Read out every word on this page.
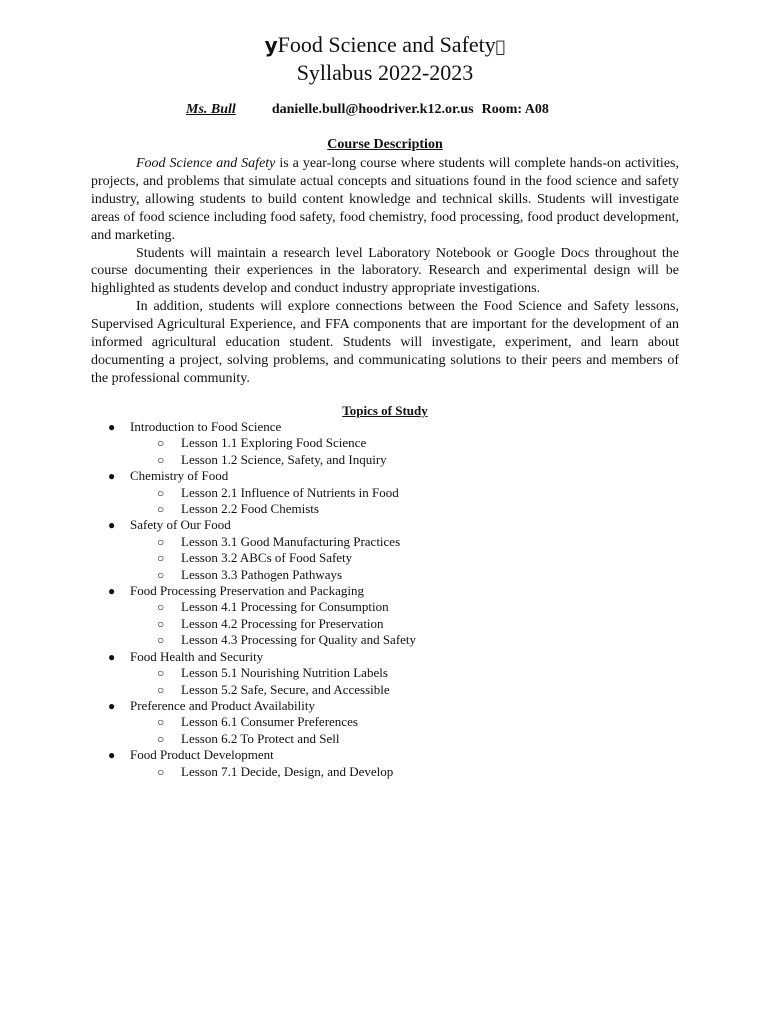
yFood Science and Safety
Syllabus 2022-2023
Ms. Bull	danielle.bull@hoodriver.k12.or.us Room: A08
Course Description

Food Science and Safety is a year-long course where students will complete hands-on activities, projects, and problems that simulate actual concepts and situations found in the food science and safety industry, allowing students to build content knowledge and technical skills. Students will investigate areas of food science including food safety, food chemistry, food processing, food product development, and marketing.

Students will maintain a research level Laboratory Notebook or Google Docs throughout the course documenting their experiences in the laboratory. Research and experimental design will be highlighted as students develop and conduct industry appropriate investigations.

In addition, students will explore connections between the Food Science and Safety lessons, Supervised Agricultural Experience, and FFA components that are important for the development of an informed agricultural education student. Students will investigate, experiment, and learn about documenting a project, solving problems, and communicating solutions to their peers and members of the professional community.

Topics of Study
● Introduction to Food Science
○ Lesson 1.1 Exploring Food Science
○ Lesson 1.2 Science, Safety, and Inquiry
● Chemistry of Food
○ Lesson 2.1 Influence of Nutrients in Food
○ Lesson 2.2 Food Chemists
● Safety of Our Food
○ Lesson 3.1 Good Manufacturing Practices
○ Lesson 3.2 ABCs of Food Safety
○ Lesson 3.3 Pathogen Pathways
● Food Processing Preservation and Packaging
○ Lesson 4.1 Processing for Consumption
○ Lesson 4.2 Processing for Preservation
○ Lesson 4.3 Processing for Quality and Safety
● Food Health and Security
○ Lesson 5.1 Nourishing Nutrition Labels
○ Lesson 5.2 Safe, Secure, and Accessible
● Preference and Product Availability
○ Lesson 6.1 Consumer Preferences
○ Lesson 6.2 To Protect and Sell
● Food Product Development
○ Lesson 7.1 Decide, Design, and Develop
